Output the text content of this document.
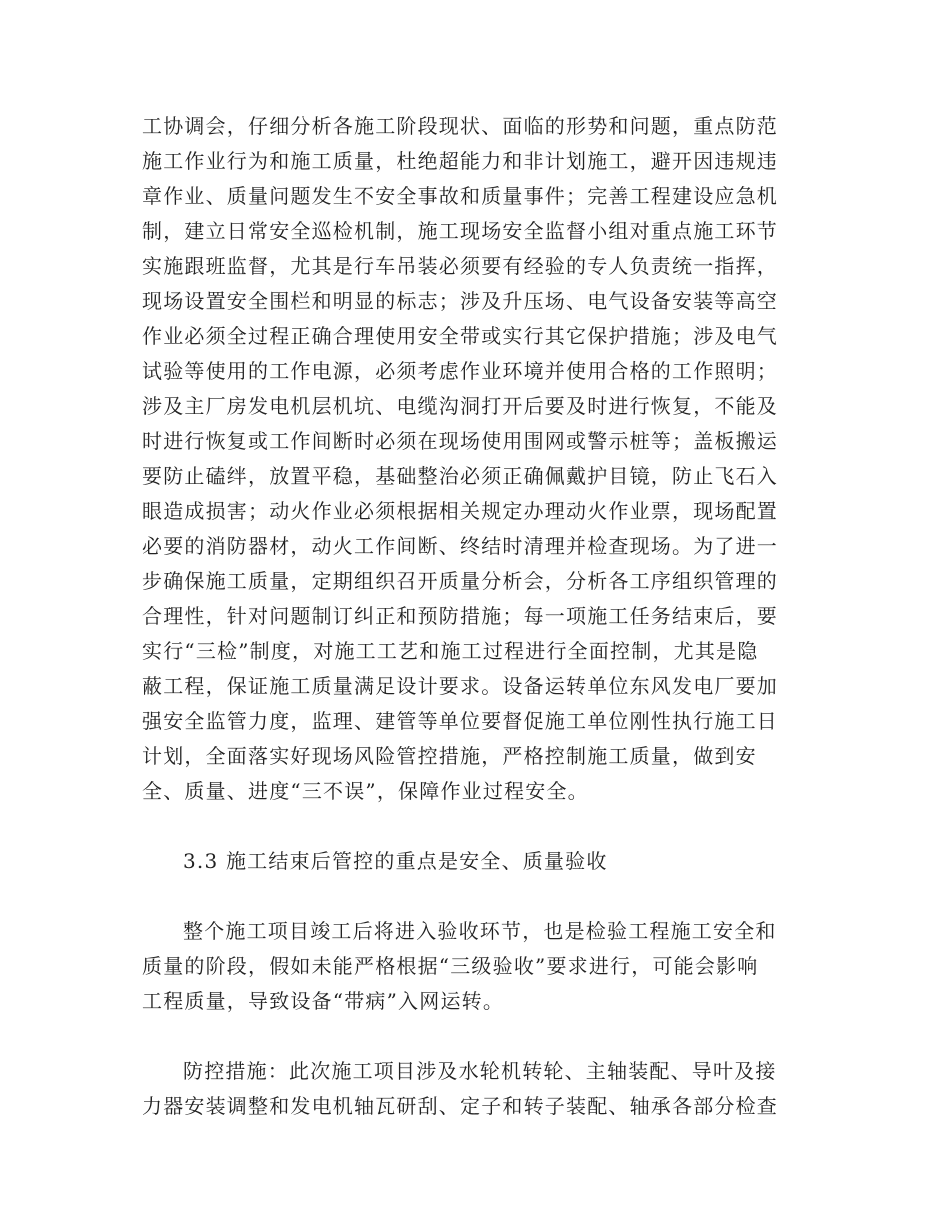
工协调会，仔细分析各施工阶段现状、面临的形势和问题，重点防范
施工作业行为和施工质量，杜绝超能力和非计划施工，避开因违规违
章作业、质量问题发生不安全事故和质量事件；完善工程建设应急机
制，建立日常安全巡检机制，施工现场安全监督小组对重点施工环节
实施跟班监督，尤其是行车吊装必须要有经验的专人负责统一指挥，
现场设置安全围栏和明显的标志；涉及升压场、电气设备安装等高空
作业必须全过程正确合理使用安全带或实行其它保护措施；涉及电气
试验等使用的工作电源，必须考虑作业环境并使用合格的工作照明；
涉及主厂房发电机层机坑、电缆沟洞打开后要及时进行恢复，不能及
时进行恢复或工作间断时必须在现场使用围网或警示桩等；盖板搬运
要防止磕绊，放置平稳，基础整治必须正确佩戴护目镜，防止飞石入
眼造成损害；动火作业必须根据相关规定办理动火作业票，现场配置
必要的消防器材，动火工作间断、终结时清理并检查现场。为了进一
步确保施工质量，定期组织召开质量分析会，分析各工序组织管理的
合理性，针对问题制订纠正和预防措施；每一项施工任务结束后，要
实行“三检”制度，对施工工艺和施工过程进行全面控制，尤其是隐
蔽工程，保证施工质量满足设计要求。设备运转单位东风发电厂要加
强安全监管力度，监理、建管等单位要督促施工单位刚性执行施工日
计划，全面落实好现场风险管控措施，严格控制施工质量，做到安
全、质量、进度“三不误”，保障作业过程安全。
3.3 施工结束后管控的重点是安全、质量验收
整个施工项目竣工后将进入验收环节，也是检验工程施工安全和
质量的阶段，假如未能严格根据“三级验收”要求进行，可能会影响
工程质量，导致设备“带病”入网运转。
防控措施：此次施工项目涉及水轮机转轮、主轴装配、导叶及接
力器安装调整和发电机轴瓦研刮、定子和转子装配、轴承各部分检查
